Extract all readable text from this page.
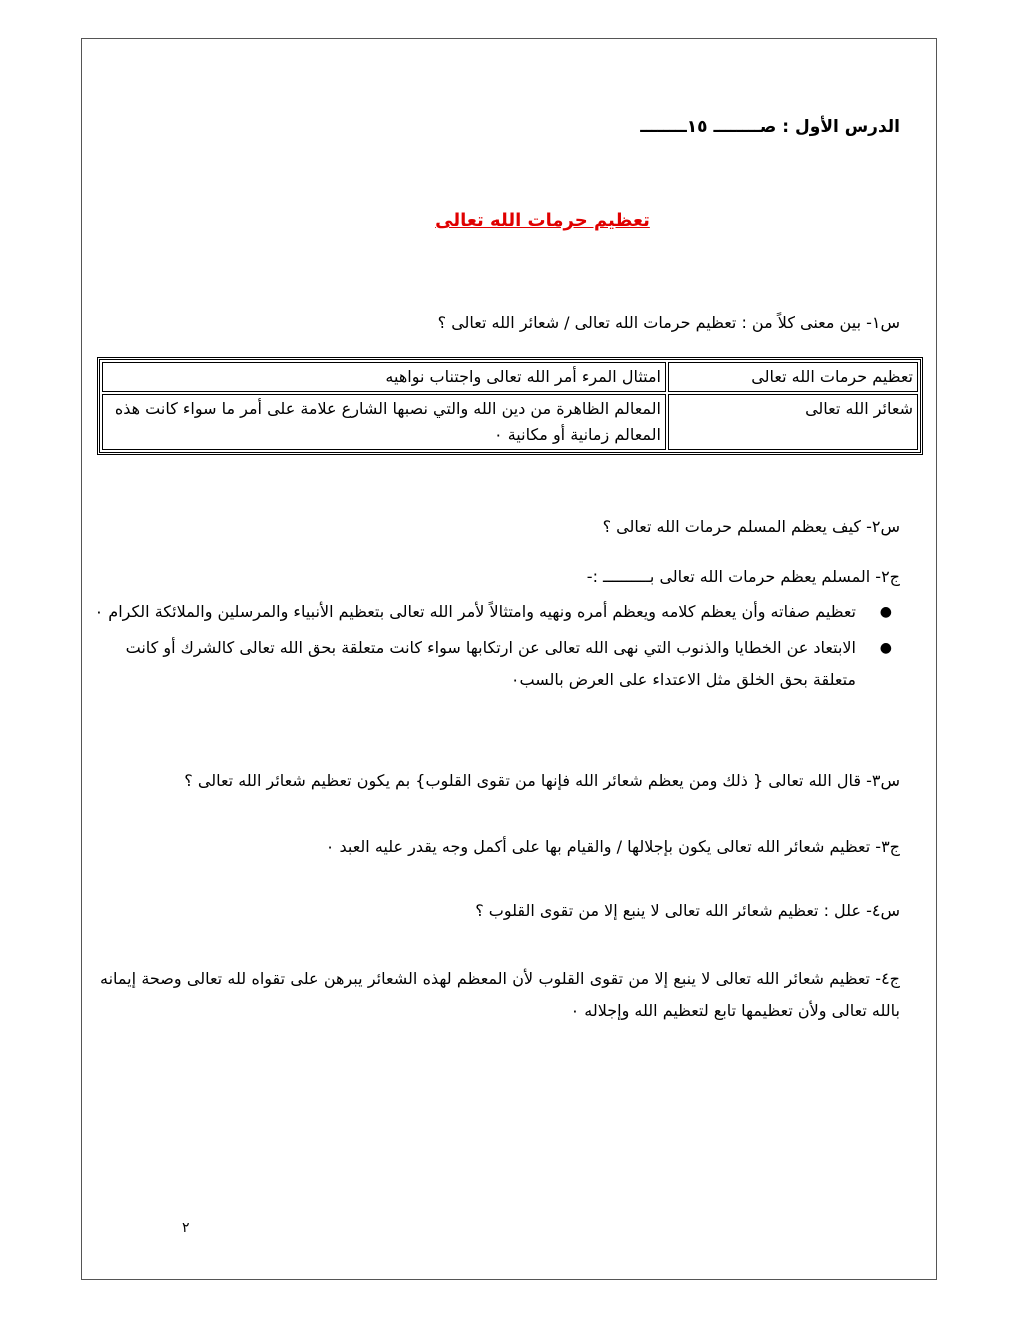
الدرس الأول : صــــــــ ١٥ــــــــ
تعظيم حرمات الله تعالى
س١- بين معنى كلاً من : تعظيم حرمات الله تعالى / شعائر الله تعالى ؟
تعظيم حرمات الله تعالى	امتثال المرء أمر الله تعالى واجتناب نواهيه
شعائر الله تعالى	المعالم الظاهرة من دين الله والتي نصبها الشارع علامة على أمر ما سواء كانت هذه المعالم زمانية أو مكانية ٠
س٢- كيف يعظم المسلم حرمات الله تعالى ؟
ج٢- المسلم يعظم حرمات الله تعالى بــــــــــ :-
●
تعظيم صفاته وأن يعظم كلامه ويعظم أمره ونهيه وامتثالاً لأمر الله تعالى بتعظيم الأنبياء والمرسلين والملائكة الكرام ٠
●
الابتعاد عن الخطايا والذنوب التي نهى الله تعالى عن ارتكابها سواء كانت متعلقة بحق الله تعالى كالشرك أو كانت متعلقة بحق الخلق مثل الاعتداء على العرض بالسب٠
س٣- قال الله تعالى { ذلك ومن يعظم شعائر الله فإنها من تقوى القلوب} بم يكون تعظيم شعائر الله تعالى ؟
ج٣- تعظيم شعائر الله تعالى يكون بإجلالها / والقيام بها على أكمل وجه يقدر عليه العبد ٠
س٤- علل : تعظيم شعائر الله تعالى لا ينبع إلا من تقوى القلوب ؟
ج٤- تعظيم شعائر الله تعالى لا ينبع إلا من تقوى القلوب لأن المعظم لهذه الشعائر يبرهن على تقواه لله تعالى وصحة إيمانه بالله تعالى ولأن تعظيمها تابع لتعظيم الله وإجلاله ٠
٢
